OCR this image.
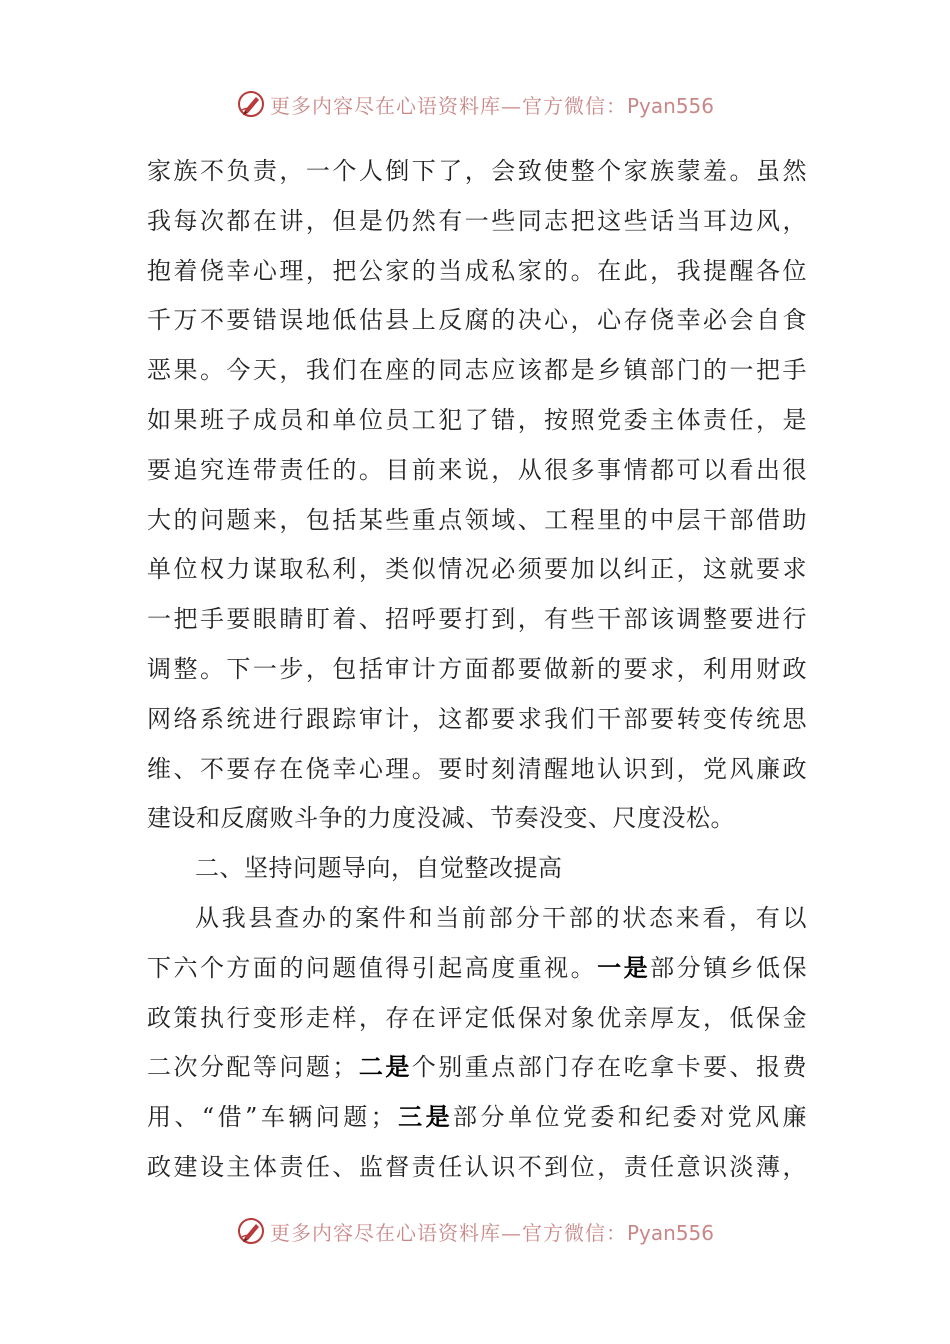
更多内容尽在心语资料库—官方微信：Pyan556
家族不负责，一个人倒下了，会致使整个家族蒙羞。虽然
我每次都在讲，但是仍然有一些同志把这些话当耳边风，
抱着侥幸心理，把公家的当成私家的。在此，我提醒各位
千万不要错误地低估县上反腐的决心，心存侥幸必会自食
恶果。今天，我们在座的同志应该都是乡镇部门的一把手
如果班子成员和单位员工犯了错，按照党委主体责任，是
要追究连带责任的。目前来说，从很多事情都可以看出很
大的问题来，包括某些重点领域、工程里的中层干部借助
单位权力谋取私利，类似情况必须要加以纠正，这就要求
一把手要眼睛盯着、招呼要打到，有些干部该调整要进行
调整。下一步，包括审计方面都要做新的要求，利用财政
网络系统进行跟踪审计，这都要求我们干部要转变传统思
维、不要存在侥幸心理。要时刻清醒地认识到，党风廉政
建设和反腐败斗争的力度没减、节奏没变、尺度没松。
二、坚持问题导向，自觉整改提高
从我县查办的案件和当前部分干部的状态来看，有以
下六个方面的问题值得引起高度重视。一是部分镇乡低保
政策执行变形走样，存在评定低保对象优亲厚友，低保金
二次分配等问题；二是个别重点部门存在吃拿卡要、报费
用、“借”车辆问题；三是部分单位党委和纪委对党风廉
政建设主体责任、监督责任认识不到位，责任意识淡薄，
更多内容尽在心语资料库—官方微信：Pyan556
